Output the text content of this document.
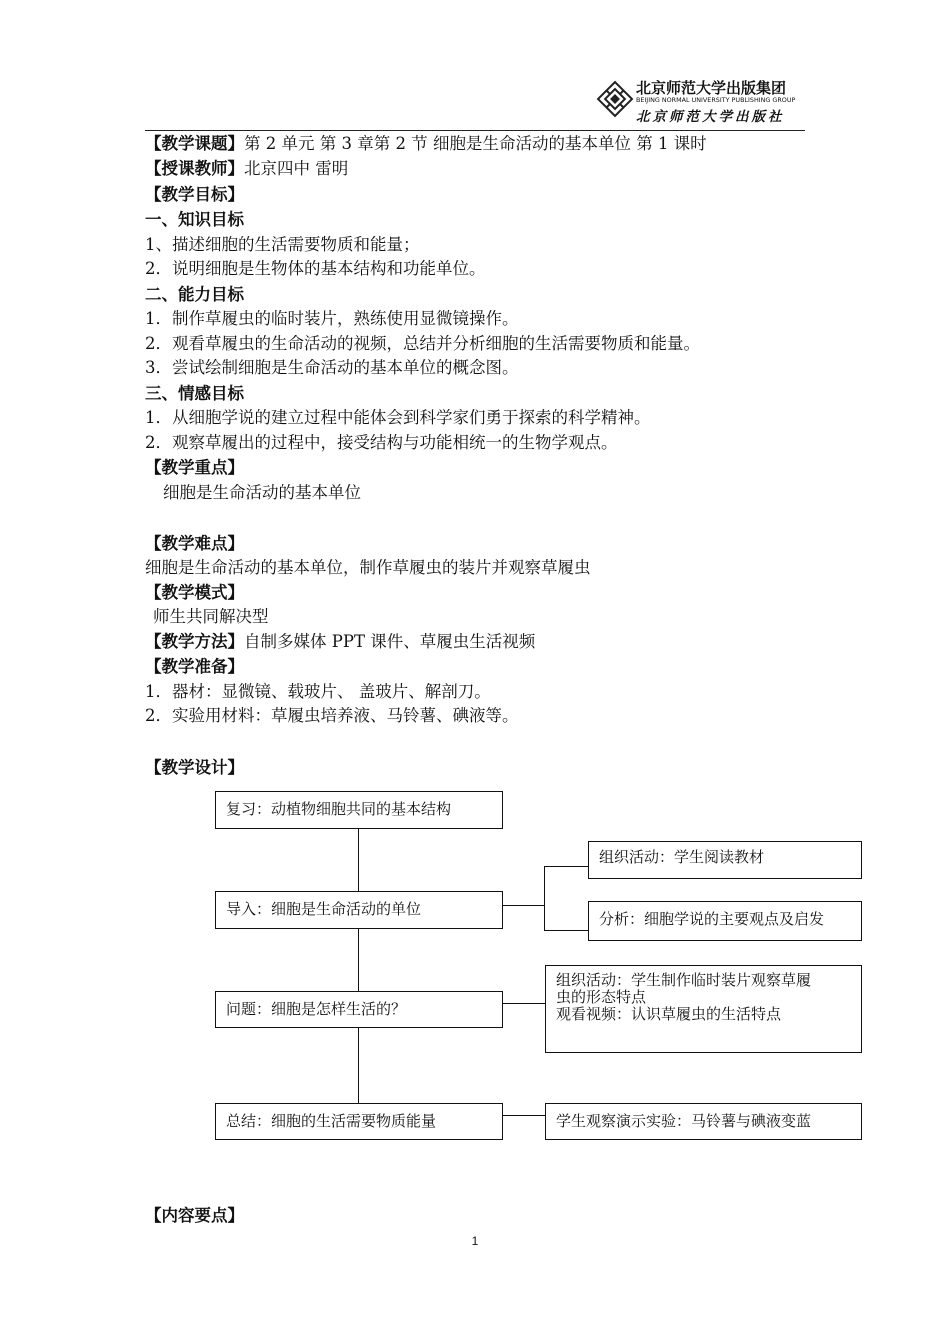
北京师范大学出版集团
BEIJING NORMAL UNIVERSITY PUBLISHING GROUP
北京师范大学出版社
【教学课题】第 2 单元 第 3 章第 2 节 细胞是生命活动的基本单位 第 1 课时
【授课教师】北京四中 雷明
【教学目标】
一、知识目标
1、描述细胞的生活需要物质和能量；
2．说明细胞是生物体的基本结构和功能单位。
二、能力目标
1．制作草履虫的临时装片，熟练使用显微镜操作。
2．观看草履虫的生命活动的视频，总结并分析细胞的生活需要物质和能量。
3．尝试绘制细胞是生命活动的基本单位的概念图。
三、情感目标
1．从细胞学说的建立过程中能体会到科学家们勇于探索的科学精神。
2．观察草履出的过程中，接受结构与功能相统一的生物学观点。
【教学重点】
细胞是生命活动的基本单位
【教学难点】
细胞是生命活动的基本单位，制作草履虫的装片并观察草履虫
【教学模式】
师生共同解决型
【教学方法】自制多媒体 PPT 课件、草履虫生活视频
【教学准备】
1．器材：显微镜、载玻片、 盖玻片、解剖刀。
2．实验用材料：草履虫培养液、马铃薯、碘液等。
【教学设计】
复习：动植物细胞共同的基本结构
导入：细胞是生命活动的单位
问题：细胞是怎样生活的？
总结：细胞的生活需要物质能量
组织活动：学生阅读教材
分析：细胞学说的主要观点及启发
组织活动：学生制作临时装片观察草履
虫的形态特点
观看视频：认识草履虫的生活特点
学生观察演示实验：马铃薯与碘液变蓝
【内容要点】
1
